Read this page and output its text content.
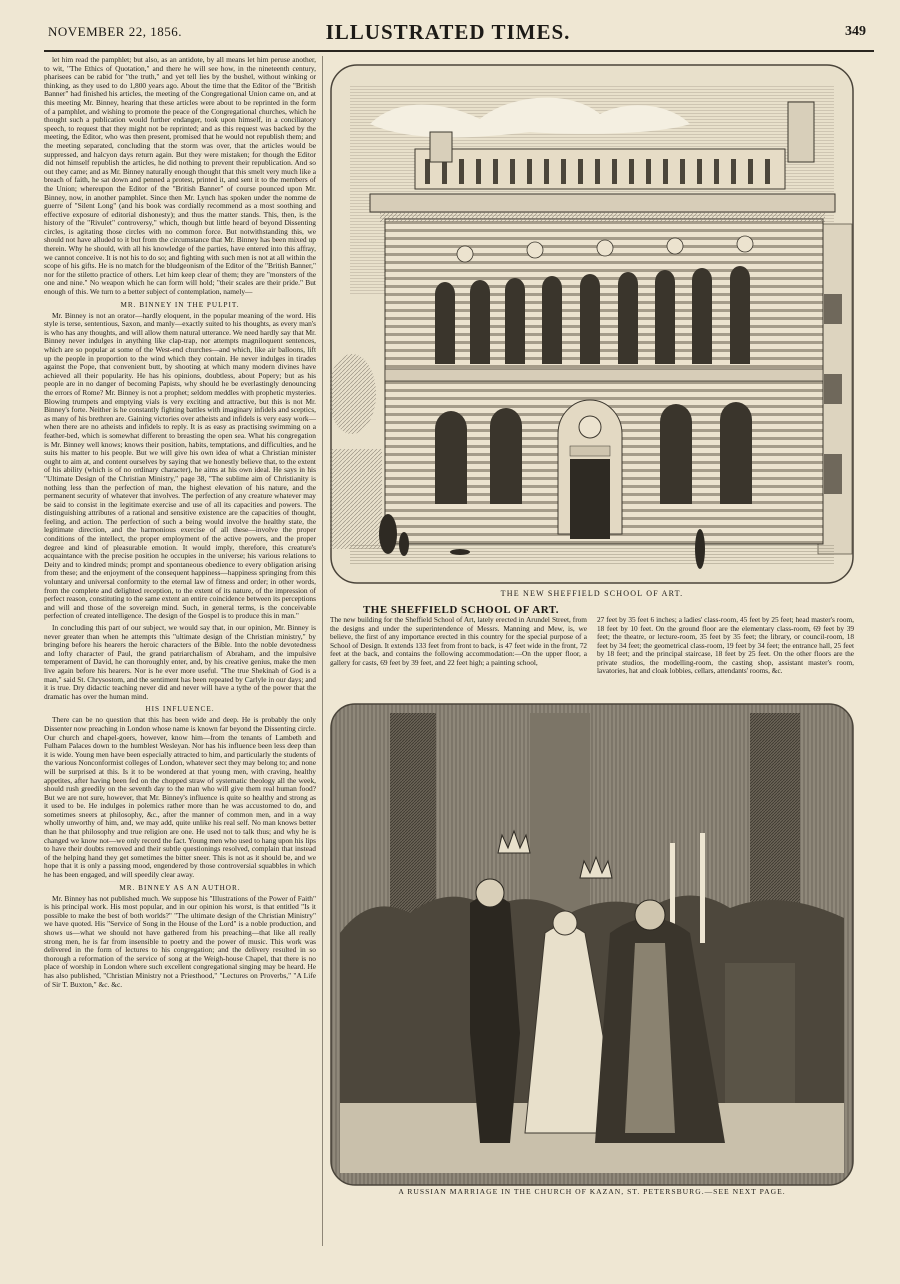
NOVEMBER 22, 1856.	ILLUSTRATED TIMES.	349

let him read the pamphlet; but also, as an antidote, by all means let him peruse another, to wit, "The Ethics of Quotation," and there he will see how, in the nineteenth century, pharisees can be rabid for "the truth," and yet tell lies by the bushel, without winking or thinking, as they used to do 1,800 years ago. About the time that the Editor of the "British Banner" had finished his articles, the meeting of the Congregational Union came on, and at this meeting Mr. Binney, hearing that these articles were about to be reprinted in the form of a pamphlet, and wishing to promote the peace of the Congregational churches, which he thought such a publication would further endanger, took upon himself, in a conciliatory speech, to request that they might not be reprinted; and as this request was backed by the meeting, the Editor, who was then present, promised that he would not republish them; and the meeting separated, concluding that the storm was over, that the articles would be suppressed, and halcyon days return again. But they were mistaken; for though the Editor did not himself republish the articles, he did nothing to prevent their republication. And so out they came; and as Mr. Binney naturally enough thought that this smelt very much like a breach of faith, he sat down and penned a protest, printed it, and sent it to the members of the Union; whereupon the Editor of the "British Banner" of course pounced upon Mr. Binney, now, in another pamphlet. Since then Mr. Lynch has spoken under the nomme de guerre of "Silent Long" (and his book was cordially recommend as a most soothing and effective exposure of editorial dishonesty); and thus the matter stands. This, then, is the history of the "Rivulet" controversy," which, though but little heard of beyond Dissenting circles, is agitating those circles with no common force. But notwithstanding this, we should not have alluded to it but from the circumstance that Mr. Binney has been mixed up therein. Why he should, with all his knowledge of the parties, have entered into this affray, we cannot conceive. It is not his to do so; and fighting with such men is not at all within the scope of his gifts. He is no match for the bludgeonism of the Editor of the "British Banner," nor for the stiletto practice of others. Let him keep clear of them; they are "monsters of the one and nine." No weapon which he can form will hold; "their scales are their pride." But enough of this. We turn to a better subject of contemplation, namely—

MR. BINNEY IN THE PULPIT.

Mr. Binney is not an orator—hardly eloquent, in the popular meaning of the word. His style is terse, sententious, Saxon, and manly—exactly suited to his thoughts, as every man's is who has any thoughts, and will allow them natural utterance. We need hardly say that Mr. Binney never indulges in anything like clap-trap, nor attempts magniloquent sentences, which are so popular at some of the West-end churches—and which, like air balloons, lift up the people in proportion to the wind which they contain. He never indulges in tirades against the Pope, that convenient butt, by shooting at which many modern divines have achieved all their popularity. He has his opinions, doubtless, about Popery; but as his people are in no danger of becoming Papists, why should he be everlastingly denouncing the errors of Rome? Mr. Binney is not a prophet; seldom meddles with prophetic mysteries. Blowing trumpets and emptying vials is very exciting and attractive, but this is not Mr. Binney's forte. Neither is he constantly fighting battles with imaginary infidels and sceptics, as many of his brethren are. Gaining victories over atheists and infidels is very easy work—when there are no atheists and infidels to reply. It is as easy as practising swimming on a feather-bed, which is somewhat different to breasting the open sea. What his congregation is Mr. Binney well knows; knows their position, habits, temptations, and difficulties, and he suits his matter to his people. But we will give his own idea of what a Christian minister ought to aim at, and content ourselves by saying that we honestly believe that, to the extent of his ability (which is of no ordinary character), he aims at his own ideal. He says in his "Ultimate Design of the Christian Ministry," page 38, "The sublime aim of Christianity is nothing less than the perfection of man, the highest elevation of his nature, and the permanent security of whatever that involves. The perfection of any creature whatever may be said to consist in the legitimate exercise and use of all its capacities and powers. The distinguishing attributes of a rational and sensitive existence are the capacities of thought, feeling, and action. The perfection of such a being would involve the healthy state, the legitimate direction, and the harmonious exercise of all these—involve the proper conditions of the intellect, the proper employment of the active powers, and the proper degree and kind of pleasurable emotion. It would imply, therefore, this creature's acquaintance with the precise position he occupies in the universe; his various relations to Deity and to kindred minds; prompt and spontaneous obedience to every obligation arising from these; and the enjoyment of the consequent happiness—happiness springing from this voluntary and universal conformity to the eternal law of fitness and order; in other words, from the complete and delighted reception, to the extent of its nature, of the impression of perfect reason, constituting to the same extent an entire coincidence between its perceptions and will and those of the sovereign mind. Such, in general terms, is the conceivable perfection of created intelligence. The design of the Gospel is to produce this in man."

In concluding this part of our subject, we would say that, in our opinion, Mr. Binney is never greater than when he attempts this "ultimate design of the Christian ministry," by bringing before his hearers the heroic characters of the Bible. Into the noble devotedness and lofty character of Paul, the grand patriarchalism of Abraham, and the impulsive temperament of David, he can thoroughly enter, and, by his creative genius, make the men live again before his hearers. Nor is he ever more useful. "The true Shekinah of God is a man," said St. Chrysostom, and the sentiment has been repeated by Carlyle in our days; and it is true. Dry didactic teaching never did and never will have a tythe of the power that the dramatic has over the human mind.

HIS INFLUENCE.

There can be no question that this has been wide and deep. He is probably the only Dissenter now preaching in London whose name is known far beyond the Dissenting circle. Our church and chapel-goers, however, know him—from the tenants of Lambeth and Fulham Palaces down to the humblest Wesleyan. Nor has his influence been less deep than it is wide. Young men have been especially attracted to him, and particularly the students of the various Nonconformist colleges of London, whatever sect they may belong to; and none will be surprised at this. Is it to be wondered at that young men, with craving, healthy appetites, after having been fed on the chopped straw of systematic theology all the week, should rush greedily on the seventh day to the man who will give them real human food? But we are not sure, however, that Mr. Binney's influence is quite so healthy and strong as it used to be. He indulges in polemics rather more than he was accustomed to do, and sometimes sneers at philosophy, &c., after the manner of common men, and in a way wholly unworthy of him, and, we may add, quite unlike his real self. No man knows better than he that philosophy and true religion are one. He used not to talk thus; and why he is changed we know not—we only record the fact. Young men who used to hang upon his lips to have their doubts removed and their subtle questionings resolved, complain that instead of the helping hand they get sometimes the bitter sneer. This is not as it should be, and we hope that it is only a passing mood, engendered by those controversial squabbles in which he has been engaged, and will speedily clear away.

MR. BINNEY AS AN AUTHOR.

Mr. Binney has not published much. We suppose his "Illustrations of the Power of Faith" is his principal work. His most popular, and in our opinion his worst, is that entitled "Is it possible to make the best of both worlds?" "The ultimate design of the Christian Ministry" we have quoted. His "Service of Song in the House of the Lord" is a noble production, and shows us—what we should not have gathered from his preaching—that like all really strong men, he is far from insensible to poetry and the power of music. This work was delivered in the form of lectures to his congregation; and the delivery resulted in so thorough a reformation of the service of song at the Weigh-house Chapel, that there is no place of worship in London where such excellent congregational singing may be heard. He has also published, "Christian Ministry not a Priesthood," "Lectures on Proverbs," "A Life of Sir T. Buxton," &c. &c.

THE NEW SHEFFIELD SCHOOL OF ART.
THE SHEFFIELD SCHOOL OF ART.
The new building for the Sheffield School of Art, lately erected in Arundel Street, from the designs and under the superintendence of Messrs. Manning and Mew, is, we believe, the first of any importance erected in this country for the special purpose of a School of Design. It extends 133 feet from front to back, is 47 feet wide in the front, 72 feet at the back, and contains the following accommodation:—On the upper floor, a gallery for casts, 69 feet by 39 feet, and 22 feet high; a painting school,
27 feet by 35 feet 6 inches; a ladies' class-room, 45 feet by 25 feet; head master's room, 18 feet by 10 feet. On the ground floor are the elementary class-room, 69 feet by 39 feet; the theatre, or lecture-room, 35 feet by 35 feet; the library, or council-room, 18 feet by 34 feet; the geometrical class-room, 19 feet by 34 feet; the entrance hall, 25 feet by 18 feet; and the principal staircase, 18 feet by 25 feet. On the other floors are the private studios, the modelling-room, the casting shop, assistant master's room, lavatories, hat and cloak lobbies, cellars, attendants' rooms, &c.
A RUSSIAN MARRIAGE IN THE CHURCH OF KAZAN, ST. PETERSBURG.—SEE NEXT PAGE.
